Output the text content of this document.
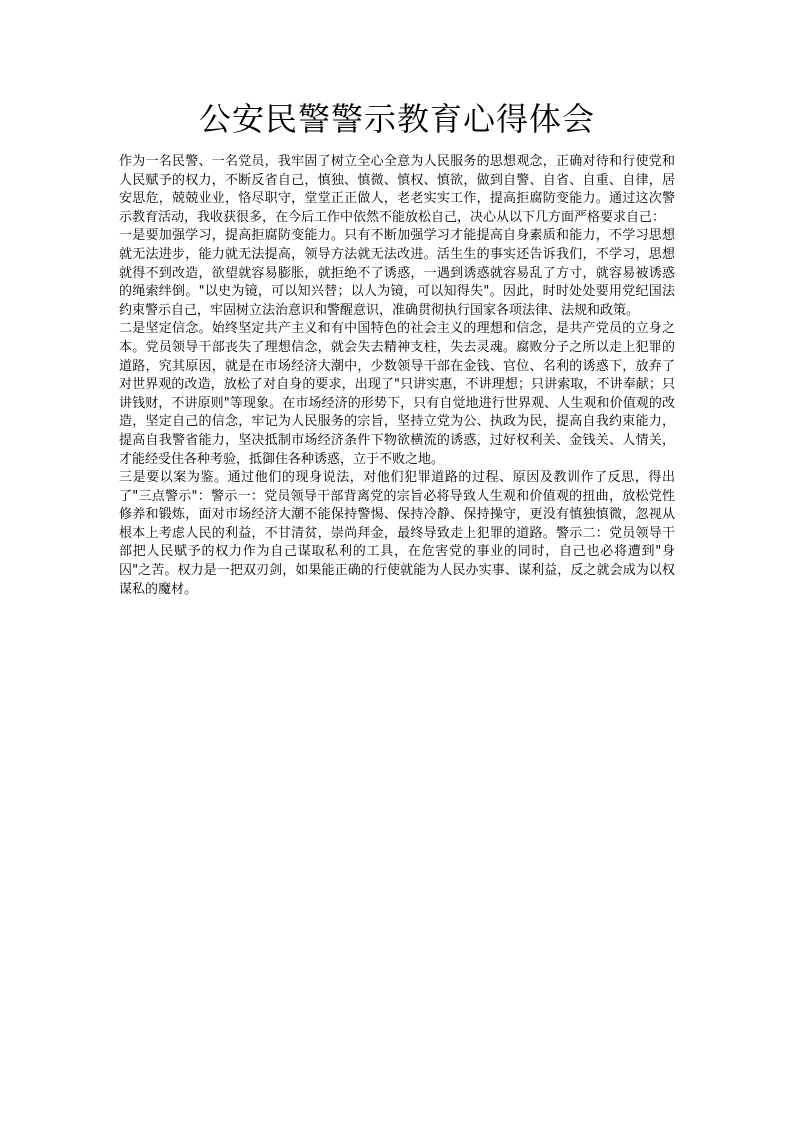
公安民警警示教育心得体会

作为一名民警、一名党员，我牢固了树立全心全意为人民服务的思想观念，正确对待和行使党和人民赋予的权力，不断反省自己，慎独、慎微、慎权、慎欲，做到自警、自省、自重、自律，居安思危，兢兢业业，恪尽职守，堂堂正正做人，老老实实工作，提高拒腐防变能力。通过这次警示教育活动，我收获很多，在今后工作中依然不能放松自己，决心从以下几方面严格要求自己：

一是要加强学习，提高拒腐防变能力。只有不断加强学习才能提高自身素质和能力，不学习思想就无法进步，能力就无法提高，领导方法就无法改进。活生生的事实还告诉我们，不学习，思想就得不到改造，欲望就容易膨胀，就拒绝不了诱惑，一遇到诱惑就容易乱了方寸，就容易被诱惑的绳索绊倒。"以史为镜，可以知兴替；以人为镜，可以知得失"。因此，时时处处要用党纪国法约束警示自己，牢固树立法治意识和警醒意识，准确贯彻执行国家各项法律、法规和政策。

二是坚定信念。始终坚定共产主义和有中国特色的社会主义的理想和信念，是共产党员的立身之本。党员领导干部丧失了理想信念，就会失去精神支柱，失去灵魂。腐败分子之所以走上犯罪的道路，究其原因，就是在市场经济大潮中，少数领导干部在金钱、官位、名利的诱惑下，放弃了对世界观的改造，放松了对自身的要求，出现了"只讲实惠，不讲理想；只讲索取，不讲奉献；只讲钱财，不讲原则"等现象。在市场经济的形势下，只有自觉地进行世界观、人生观和价值观的改造，坚定自己的信念，牢记为人民服务的宗旨，坚持立党为公、执政为民，提高自我约束能力，提高自我警省能力，坚决抵制市场经济条件下物欲横流的诱惑，过好权利关、金钱关、人情关，才能经受住各种考验，抵御住各种诱惑，立于不败之地。

三是要以案为鉴。通过他们的现身说法，对他们犯罪道路的过程、原因及教训作了反思，得出了"三点警示"：警示一：党员领导干部背离党的宗旨必将导致人生观和价值观的扭曲，放松党性修养和锻炼，面对市场经济大潮不能保持警惕、保持冷静、保持操守，更没有慎独慎微，忽视从根本上考虑人民的利益，不甘清贫，崇尚拜金，最终导致走上犯罪的道路。警示二：党员领导干部把人民赋予的权力作为自己谋取私利的工具，在危害党的事业的同时，自己也必将遭到"身囚"之苦。权力是一把双刃剑，如果能正确的行使就能为人民办实事、谋利益，反之就会成为以权谋私的魔材。
